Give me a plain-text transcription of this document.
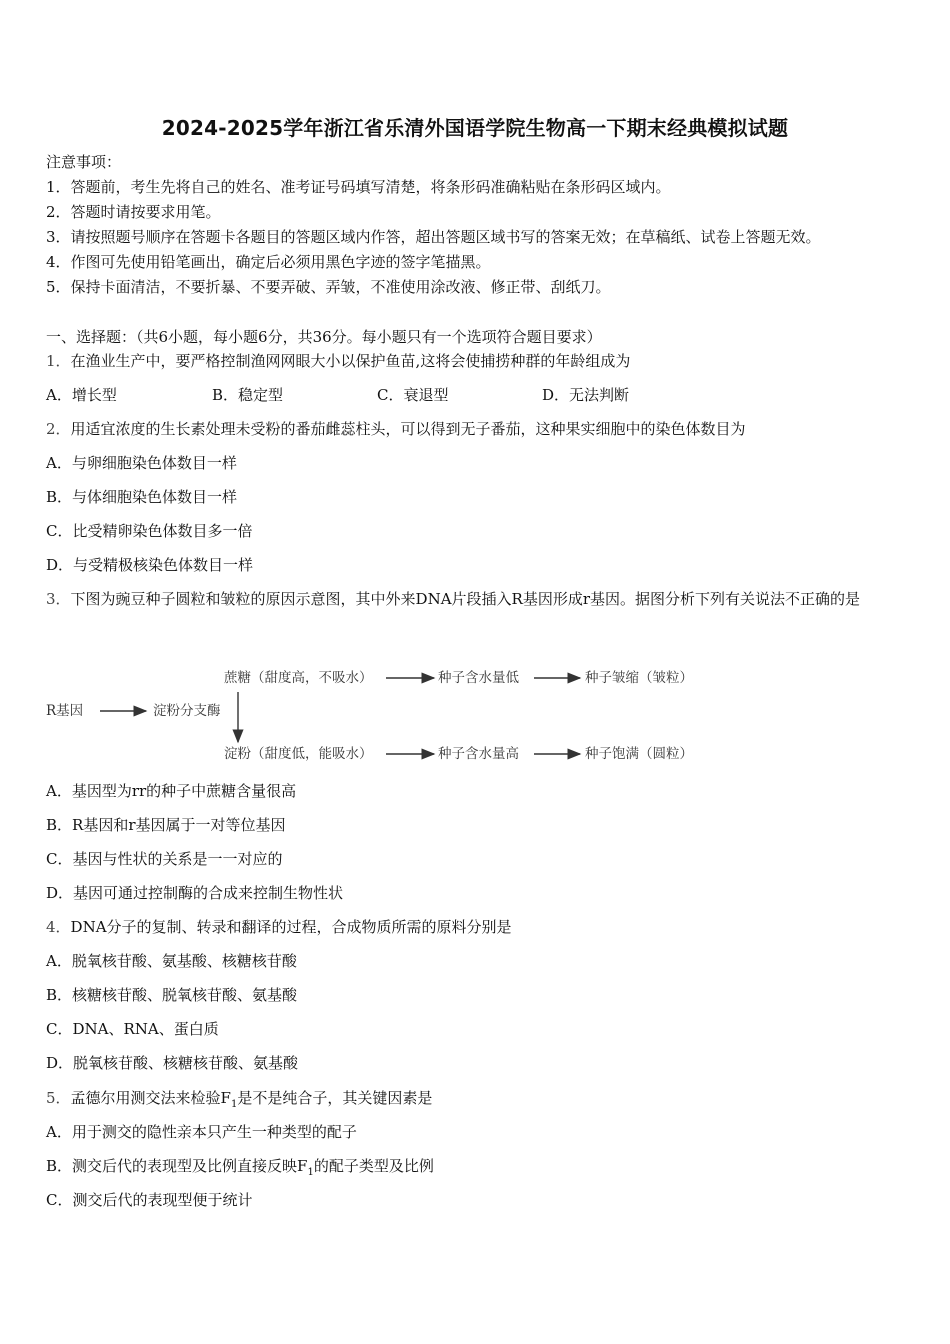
2024-2025学年浙江省乐清外国语学院生物高一下期末经典模拟试题
注意事项：
1．答题前，考生先将自己的姓名、准考证号码填写清楚，将条形码准确粘贴在条形码区域内。
2．答题时请按要求用笔。
3．请按照题号顺序在答题卡各题目的答题区域内作答，超出答题区域书写的答案无效；在草稿纸、试卷上答题无效。
4．作图可先使用铅笔画出，确定后必须用黑色字迹的签字笔描黑。
5．保持卡面清洁，不要折暴、不要弄破、弄皱，不准使用涂改液、修正带、刮纸刀。
一、选择题：（共6小题，每小题6分，共36分。每小题只有一个选项符合题目要求）
1．在渔业生产中，要严格控制渔网网眼大小以保护鱼苗,这将会使捕捞种群的年龄组成为
A．增长型	B．稳定型	C．衰退型	D．无法判断
2．用适宜浓度的生长素处理未受粉的番茄雌蕊柱头，可以得到无子番茄，这种果实细胞中的染色体数目为
A．与卵细胞染色体数目一样
B．与体细胞染色体数目一样
C．比受精卵染色体数目多一倍
D．与受精极核染色体数目一样
3．下图为豌豆种子圆粒和皱粒的原因示意图，其中外来DNA片段插入R基因形成r基因。据图分析下列有关说法不正确的是
蔗糖（甜度高，不吸水）	种子含水量低	种子皱缩（皱粒）
R基因	淀粉分支酶
淀粉（甜度低，能吸水）	种子含水量高	种子饱满（圆粒）
A．基因型为rr的种子中蔗糖含量很高
B．R基因和r基因属于一对等位基因
C．基因与性状的关系是一一对应的
D．基因可通过控制酶的合成来控制生物性状
4．DNA分子的复制、转录和翻译的过程，合成物质所需的原料分别是
A．脱氧核苷酸、氨基酸、核糖核苷酸
B．核糖核苷酸、脱氧核苷酸、氨基酸
C．DNA、RNA、蛋白质
D．脱氧核苷酸、核糖核苷酸、氨基酸
5．孟德尔用测交法来检验$F_1$是不是纯合子，其关键因素是
A．用于测交的隐性亲本只产生一种类型的配子
B．测交后代的表现型及比例直接反映$F_1$的配子类型及比例
C．测交后代的表现型便于统计
